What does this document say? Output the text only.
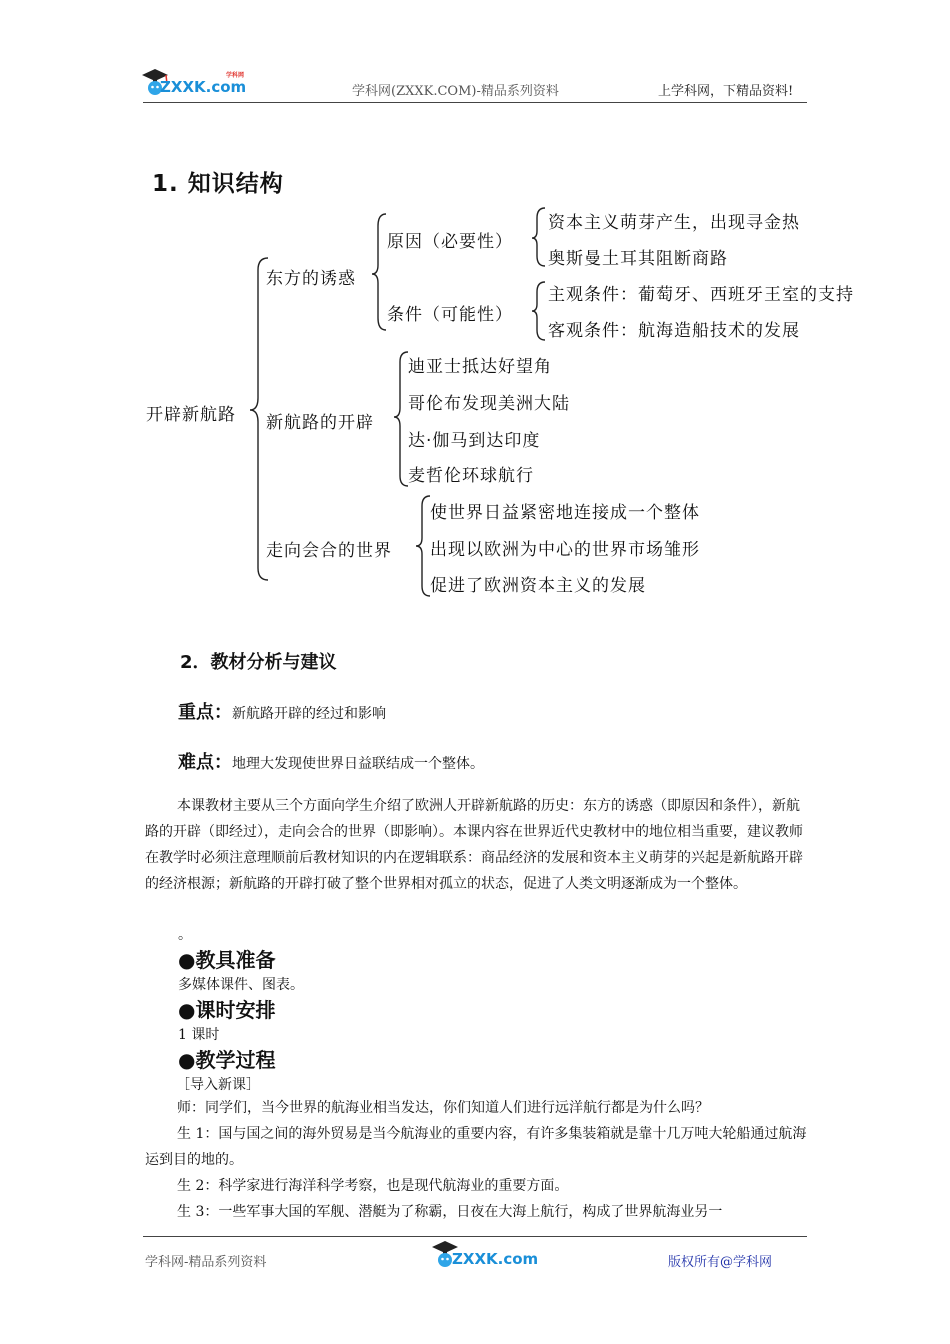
ZXXK.com
学科网
学科网(ZXXK.COM)-精品系列资料	上学科网，下精品资料!
1. 知识结构
开辟新航路
东方的诱惑
原因（必要性）
资本主义萌芽产生，出现寻金热
奥斯曼土耳其阻断商路
条件（可能性）
主观条件：葡萄牙、西班牙王室的支持
客观条件：航海造船技术的发展
新航路的开辟
迪亚士抵达好望角
哥伦布发现美洲大陆
达·伽马到达印度
麦哲伦环球航行
走向会合的世界
使世界日益紧密地连接成一个整体
出现以欧洲为中心的世界市场雏形
促进了欧洲资本主义的发展
2．教材分析与建议
重点：新航路开辟的经过和影响
难点：地理大发现使世界日益联结成一个整体。

本课教材主要从三个方面向学生介绍了欧洲人开辟新航路的历史：东方的诱惑（即原因和条件），新航路的开辟（即经过），走向会合的世界（即影响）。本课内容在世界近代史教材中的地位相当重要，建议教师在教学时必须注意理顺前后教材知识的内在逻辑联系：商品经济的发展和资本主义萌芽的兴起是新航路开辟的经济根源；新航路的开辟打破了整个世界相对孤立的状态，促进了人类文明逐渐成为一个整体。

。
●教具准备
多媒体课件、图表。
●课时安排
1 课时
●教学过程
［导入新课］

师：同学们，当今世界的航海业相当发达，你们知道人们进行远洋航行都是为什么吗？

生 1：国与国之间的海外贸易是当今航海业的重要内容，有许多集装箱就是靠十几万吨大轮船通过航海运到目的地的。

生 2：科学家进行海洋科学考察，也是现代航海业的重要方面。

生 3：一些军事大国的军舰、潜艇为了称霸，日夜在大海上航行，构成了世界航海业另一

学科网-精品系列资料	ZXXK.com	版权所有@学科网
